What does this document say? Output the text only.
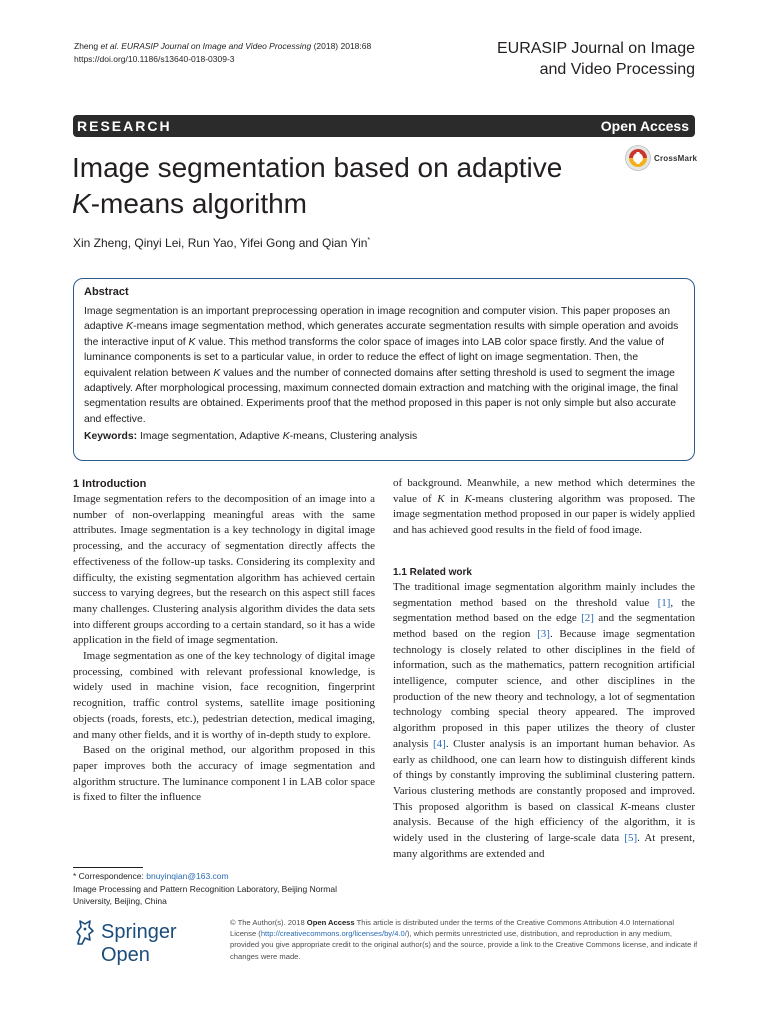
Zheng et al. EURASIP Journal on Image and Video Processing (2018) 2018:68
https://doi.org/10.1186/s13640-018-0309-3
EURASIP Journal on Image
and Video Processing
RESEARCH	Open Access
Image segmentation based on adaptive
K-means algorithm
CrossMark
Xin Zheng, Qinyi Lei, Run Yao, Yifei Gong and Qian Yin*
Abstract
Image segmentation is an important preprocessing operation in image recognition and computer vision. This paper proposes an adaptive K-means image segmentation method, which generates accurate segmentation results with simple operation and avoids the interactive input of K value. This method transforms the color space of images into LAB color space firstly. And the value of luminance components is set to a particular value, in order to reduce the effect of light on image segmentation. Then, the equivalent relation between K values and the number of connected domains after setting threshold is used to segment the image adaptively. After morphological processing, maximum connected domain extraction and matching with the original image, the final segmentation results are obtained. Experiments proof that the method proposed in this paper is not only simple but also accurate and effective.
Keywords: Image segmentation, Adaptive K-means, Clustering analysis
1 Introduction

Image segmentation refers to the decomposition of an image into a number of non-overlapping meaningful areas with the same attributes. Image segmentation is a key technology in digital image processing, and the accuracy of segmentation directly affects the effectiveness of the follow-up tasks. Considering its complexity and difficulty, the existing segmentation algorithm has achieved certain success to varying degrees, but the research on this aspect still faces many challenges. Clustering analysis algorithm divides the data sets into different groups according to a certain standard, so it has a wide application in the field of image segmentation.

Image segmentation as one of the key technology of digital image processing, combined with relevant professional knowledge, is widely used in machine vision, face recognition, fingerprint recognition, traffic control systems, satellite image positioning objects (roads, forests, etc.), pedestrian detection, medical imaging, and many other fields, and it is worthy of in-depth study to explore.

Based on the original method, our algorithm proposed in this paper improves both the accuracy of image segmentation and algorithm structure. The luminance component l in LAB color space is fixed to filter the influence

of background. Meanwhile, a new method which determines the value of K in K-means clustering algorithm was proposed. The image segmentation method proposed in our paper is widely applied and has achieved good results in the field of food image.

1.1 Related work

The traditional image segmentation algorithm mainly includes the segmentation method based on the threshold value [1], the segmentation method based on the edge [2] and the segmentation method based on the region [3]. Because image segmentation technology is closely related to other disciplines in the field of information, such as the mathematics, pattern recognition artificial intelligence, computer science, and other disciplines in the production of the new theory and technology, a lot of segmentation technology combing special theory appeared. The improved algorithm proposed in this paper utilizes the theory of cluster analysis [4]. Cluster analysis is an important human behavior. As early as childhood, one can learn how to distinguish different kinds of things by constantly improving the subliminal clustering pattern. Various clustering methods are constantly proposed and improved. This proposed algorithm is based on classical K-means cluster analysis. Because of the high efficiency of the algorithm, it is widely used in the clustering of large-scale data [5]. At present, many algorithms are extended and

* Correspondence: bnuyinqian@163.com
Image Processing and Pattern Recognition Laboratory, Beijing Normal University, Beijing, China
Springer Open
© The Author(s). 2018 Open Access This article is distributed under the terms of the Creative Commons Attribution 4.0 International License (http://creativecommons.org/licenses/by/4.0/), which permits unrestricted use, distribution, and reproduction in any medium, provided you give appropriate credit to the original author(s) and the source, provide a link to the Creative Commons license, and indicate if changes were made.
